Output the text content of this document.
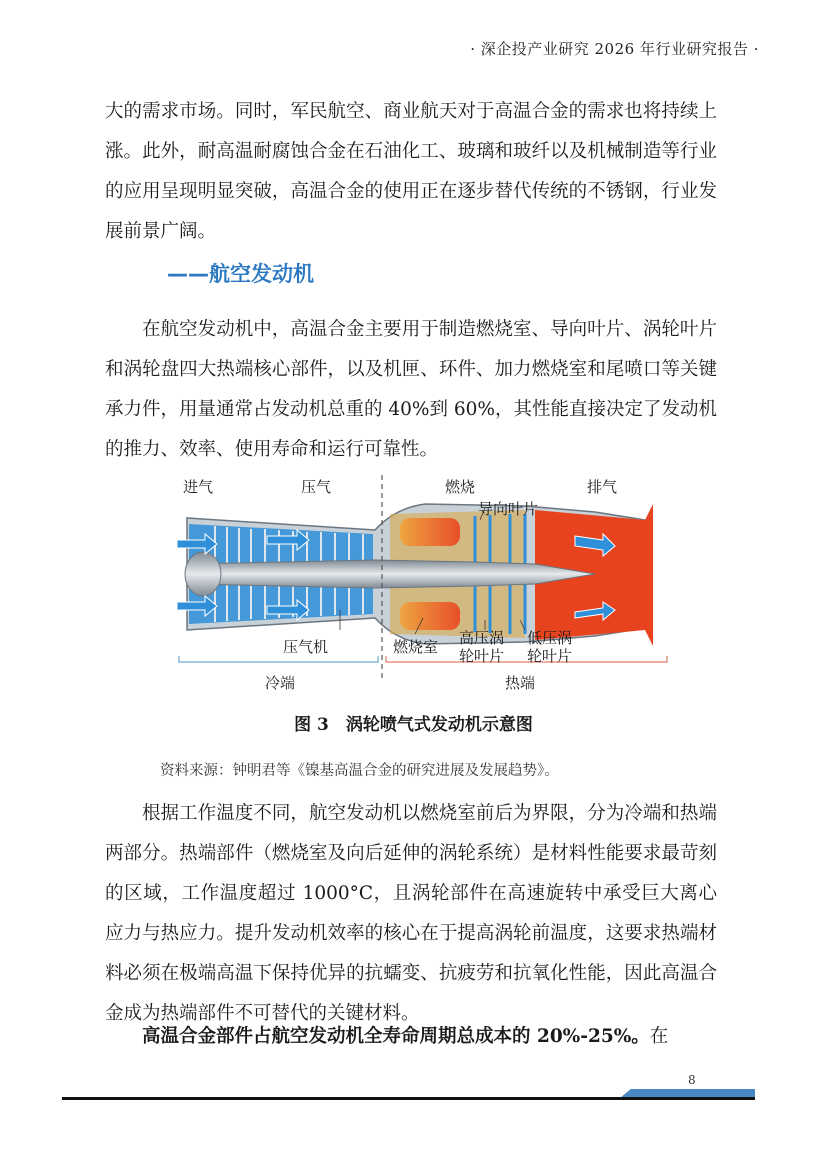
· 深企投产业研究 2026 年行业研究报告 ·

大的需求市场。同时，军民航空、商业航天对于高温合金的需求也将持续上涨。此外，耐高温耐腐蚀合金在石油化工、玻璃和玻纤以及机械制造等行业的应用呈现明显突破，高温合金的使用正在逐步替代传统的不锈钢，行业发展前景广阔。

——航空发动机

在航空发动机中，高温合金主要用于制造燃烧室、导向叶片、涡轮叶片和涡轮盘四大热端核心部件，以及机匣、环件、加力燃烧室和尾喷口等关键承力件，用量通常占发动机总重的 40%到 60%，其性能直接决定了发动机的推力、效率、使用寿命和运行可靠性。

进气	压气	燃烧	排气
导向叶片
压气机	燃烧室 高压涡
轮叶片
低压涡
轮叶片
冷端	热端
图 3　涡轮喷气式发动机示意图
资料来源：钟明君等《镍基高温合金的研究进展及发展趋势》。

根据工作温度不同，航空发动机以燃烧室前后为界限，分为冷端和热端两部分。热端部件（燃烧室及向后延伸的涡轮系统）是材料性能要求最苛刻的区域，工作温度超过 1000°C，且涡轮部件在高速旋转中承受巨大离心应力与热应力。提升发动机效率的核心在于提高涡轮前温度，这要求热端材料必须在极端高温下保持优异的抗蠕变、抗疲劳和抗氧化性能，因此高温合金成为热端部件不可替代的关键材料。

高温合金部件占航空发动机全寿命周期总成本的 20%-25%。在

8
